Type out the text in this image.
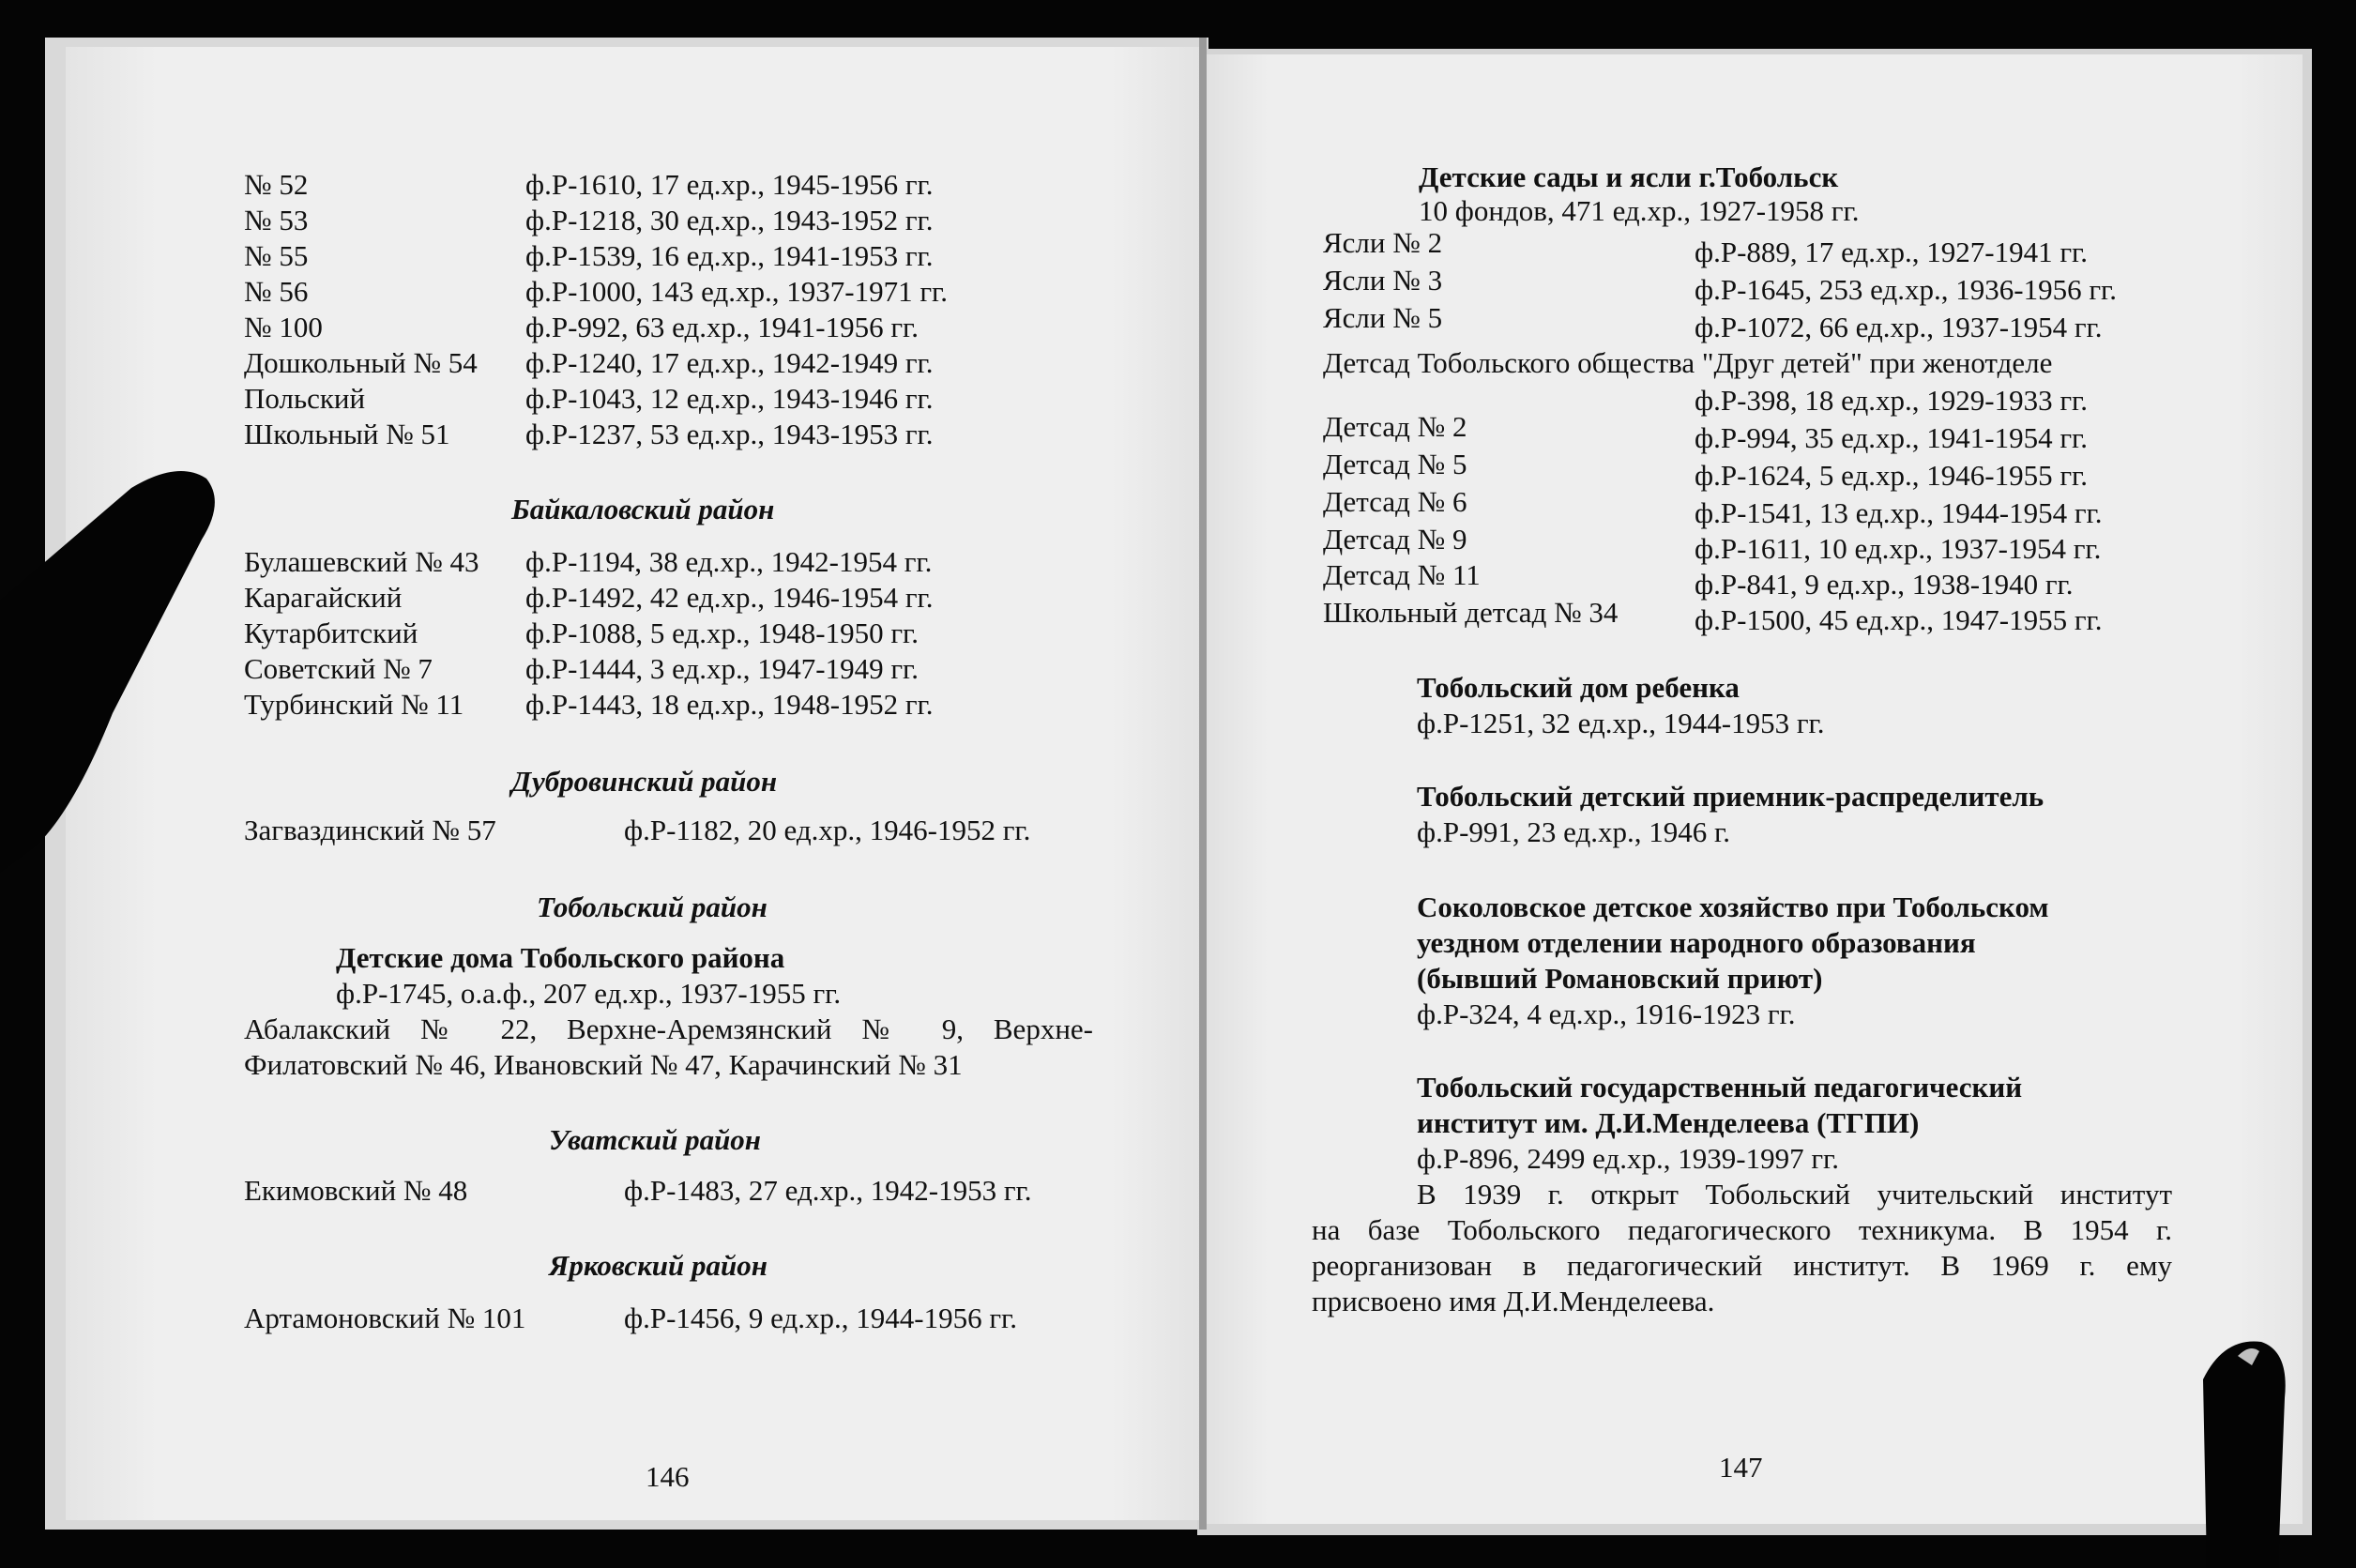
№ 52	ф.Р-1610, 17 ед.хр., 1945-1956 гг.
№ 53	ф.Р-1218, 30 ед.хр., 1943-1952 гг.
№ 55	ф.Р-1539, 16 ед.хр., 1941-1953 гг.
№ 56	ф.Р-1000, 143 ед.хр., 1937-1971 гг.
№ 100	ф.Р-992, 63 ед.хр., 1941-1956 гг.
Дошкольный № 54 ф.Р-1240, 17 ед.хр., 1942-1949 гг.
Польский	ф.Р-1043, 12 ед.хр., 1943-1946 гг.
Школьный № 51	ф.Р-1237, 53 ед.хр., 1943-1953 гг.
Байкаловский район
Булашевский № 43 ф.Р-1194, 38 ед.хр., 1942-1954 гг.
Карагайский	ф.Р-1492, 42 ед.хр., 1946-1954 гг.
Кутарбитский	ф.Р-1088, 5 ед.хр., 1948-1950 гг.
Советский № 7	ф.Р-1444, 3 ед.хр., 1947-1949 гг.
Турбинский № 11 ф.Р-1443, 18 ед.хр., 1948-1952 гг.
Дубровинский район
Загваздинский № 57	ф.Р-1182, 20 ед.хр., 1946-1952 гг.
Тобольский район
Детские дома Тобольского района
ф.Р-1745, о.а.ф., 207 ед.хр., 1937-1955 гг.
Абалакский № 22, Верхне-Аремзянский № 9, Верхне-
Филатовский № 46, Ивановский № 47, Карачинский № 31
Уватский район
Екимовский № 48	ф.Р-1483, 27 ед.хр., 1942-1953 гг.
Ярковский район
Артамоновский № 101	ф.Р-1456, 9 ед.хр., 1944-1956 гг.
146
Детские сады и ясли г.Тобольск
10 фондов, 471 ед.хр., 1927-1958 гг.
Ясли № 2	ф.Р-889, 17 ед.хр., 1927-1941 гг.
Ясли № 3	ф.Р-1645, 253 ед.хр., 1936-1956 гг.
Ясли № 5	ф.Р-1072, 66 ед.хр., 1937-1954 гг.
Детсад Тобольского общества "Друг детей" при женотделе
ф.Р-398, 18 ед.хр., 1929-1933 гг.
Детсад № 2	ф.Р-994, 35 ед.хр., 1941-1954 гг.
Детсад № 5	ф.Р-1624, 5 ед.хр., 1946-1955 гг.
Детсад № 6	ф.Р-1541, 13 ед.хр., 1944-1954 гг.
Детсад № 9	ф.Р-1611, 10 ед.хр., 1937-1954 гг.
Детсад № 11	ф.Р-841, 9 ед.хр., 1938-1940 гг.
Школьный детсад № 34	ф.Р-1500, 45 ед.хр., 1947-1955 гг.
Тобольский дом ребенка
ф.Р-1251, 32 ед.хр., 1944-1953 гг.
Тобольский детский приемник-распределитель
ф.Р-991, 23 ед.хр., 1946 г.
Соколовское детское хозяйство при Тобольском
уездном отделении народного образования
(бывший Романовский приют)
ф.Р-324, 4 ед.хр., 1916-1923 гг.
Тобольский государственный педагогический
институт им. Д.И.Менделеева (ТГПИ)
ф.Р-896, 2499 ед.хр., 1939-1997 гг.
В 1939 г. открыт Тобольский учительский институт
на базе Тобольского педагогического техникума. В 1954 г.
реорганизован в педагогический институт. В 1969 г. ему
присвоено имя Д.И.Менделеева.
147
